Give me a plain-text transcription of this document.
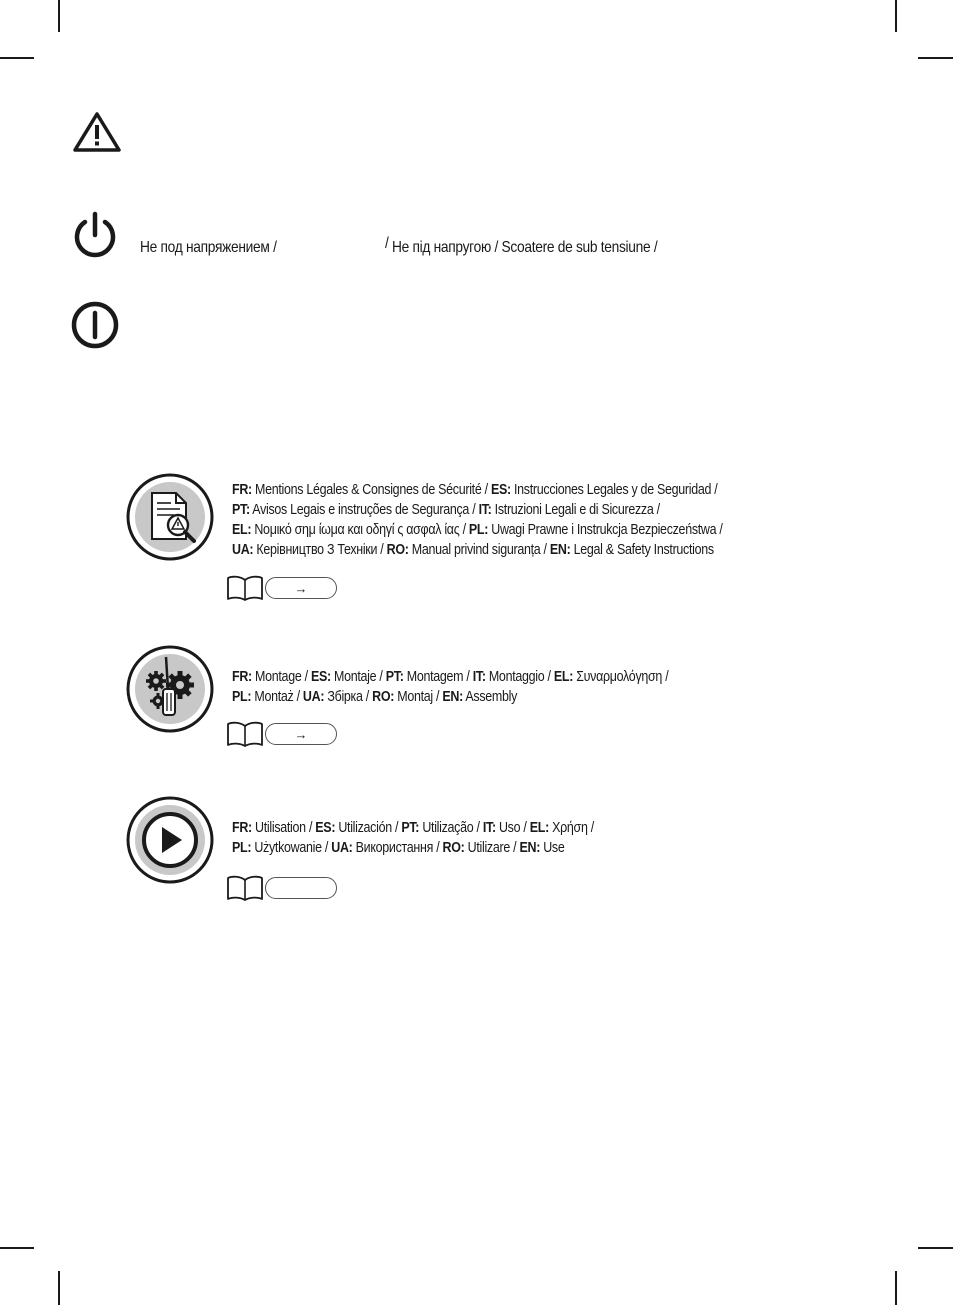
Не под напряжением /	/ Не під напругою / Scoatere de sub tensiune /
FR: Mentions Légales & Consignes de Sécurité / ES: Instrucciones Legales y de Seguridad /
PT: Avisos Legais e instruções de Segurança / IT: Istruzioni Legali e di Sicurezza /
EL: Νομικό σημ ίωμα και οδηγί ς ασφαλ ίας / PL: Uwagi Prawne i Instrukcja Bezpieczeństwa /
UA: Керівництво З Техніки / RO: Manual privind siguranța / EN: Legal & Safety Instructions
→
FR: Montage / ES: Montaje / PT: Montagem / IT: Montaggio / EL: Συναρμολόγηση /
PL: Montaż / UA: Збірка / RO: Montaj / EN: Assembly
→
FR: Utilisation / ES: Utilización / PT: Utilização / IT: Uso / EL: Χρήση /
PL: Użytkowanie / UA: Використання / RO: Utilizare / EN: Use
